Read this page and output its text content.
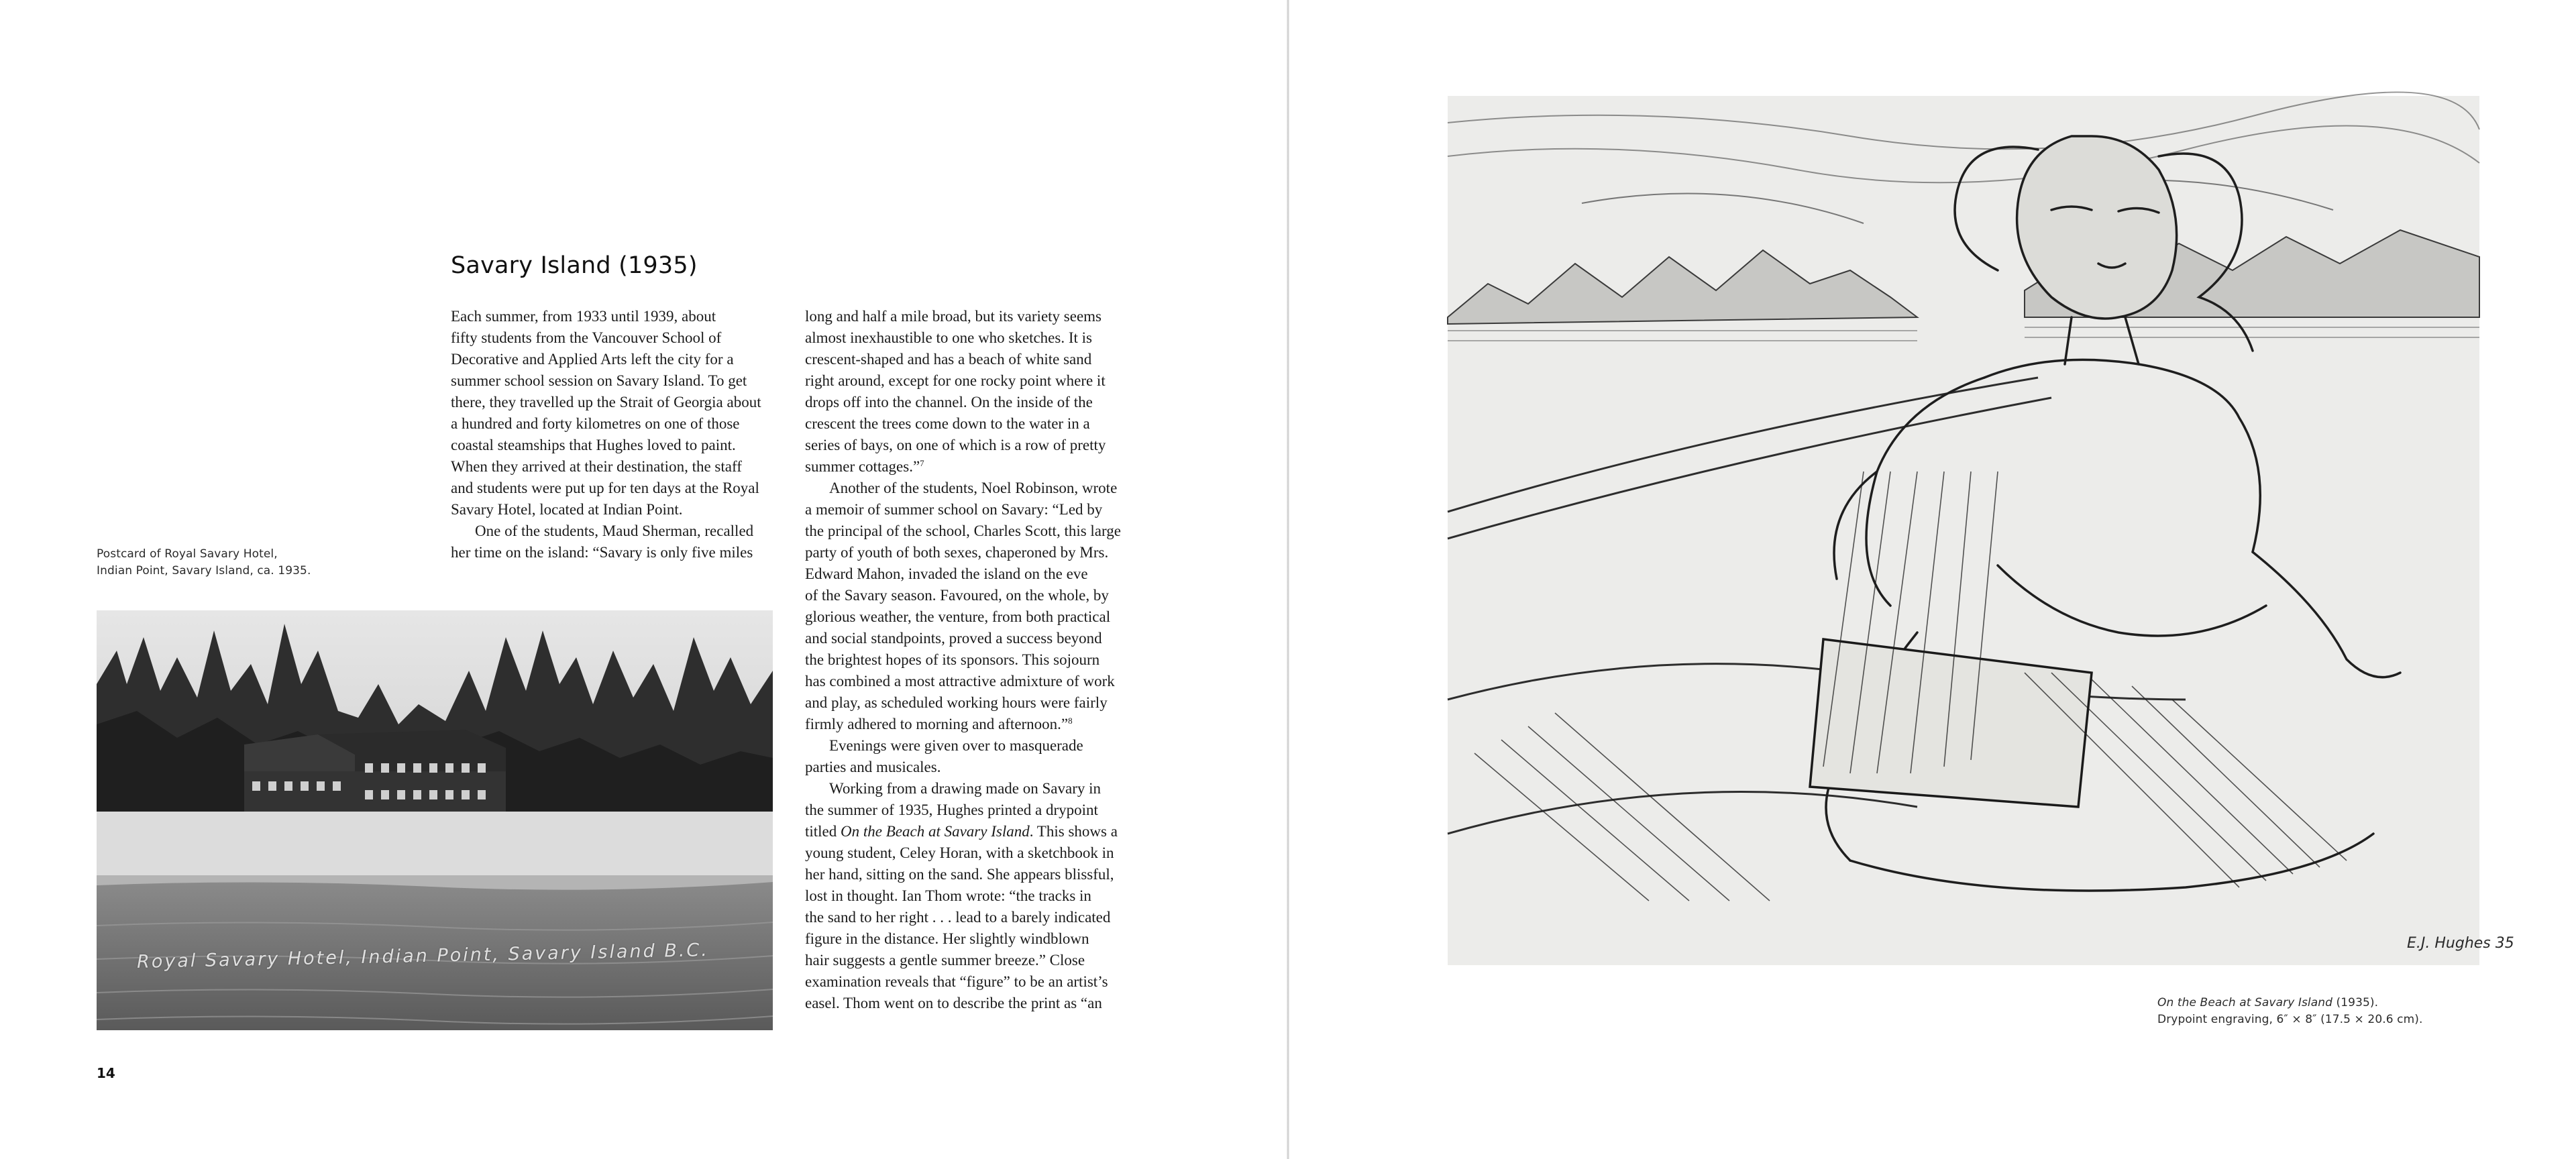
Postcard of Royal Savary Hotel,
Indian Point, Savary Island, ca. 1935.
Royal Savary Hotel, Indian Point, Savary Island B.C.
Savary Island (1935)

Each summer, from 1933 until 1939, about
fifty students from the Vancouver School of
Decorative and Applied Arts left the city for a
summer school session on Savary Island. To get
there, they travelled up the Strait of Georgia about
a hundred and forty kilometres on one of those
coastal steamships that Hughes loved to paint.
When they arrived at their destination, the staff
and students were put up for ten days at the Royal
Savary Hotel, located at Indian Point.

One of the students, Maud Sherman, recalled
her time on the island: “Savary is only five miles

long and half a mile broad, but its variety seems
almost inexhaustible to one who sketches. It is
crescent-shaped and has a beach of white sand
right around, except for one rocky point where it
drops off into the channel. On the inside of the
crescent the trees come down to the water in a
series of bays, on one of which is a row of pretty
summer cottages.”$^7$

Another of the students, Noel Robinson, wrote
a memoir of summer school on Savary: “Led by
the principal of the school, Charles Scott, this large
party of youth of both sexes, chaperoned by Mrs.
Edward Mahon, invaded the island on the eve
of the Savary season. Favoured, on the whole, by
glorious weather, the venture, from both practical
and social standpoints, proved a success beyond
the brightest hopes of its sponsors. This sojourn
has combined a most attractive admixture of work
and play, as scheduled working hours were fairly
firmly adhered to morning and afternoon.”$^8$

Evenings were given over to masquerade
parties and musicales.

Working from a drawing made on Savary in
the summer of 1935, Hughes printed a drypoint
titled On the Beach at Savary Island. This shows a
young student, Celey Horan, with a sketchbook in
her hand, sitting on the sand. She appears blissful,
lost in thought. Ian Thom wrote: “the tracks in
the sand to her right . . . lead to a barely indicated
figure in the distance. Her slightly windblown
hair suggests a gentle summer breeze.” Close
examination reveals that “figure” to be an artist’s
easel. Thom went on to describe the print as “an

14
E.J. Hughes 35
On the Beach at Savary Island (1935).
Drypoint engraving, 6″ × 8″ (17.5 × 20.6 cm).
